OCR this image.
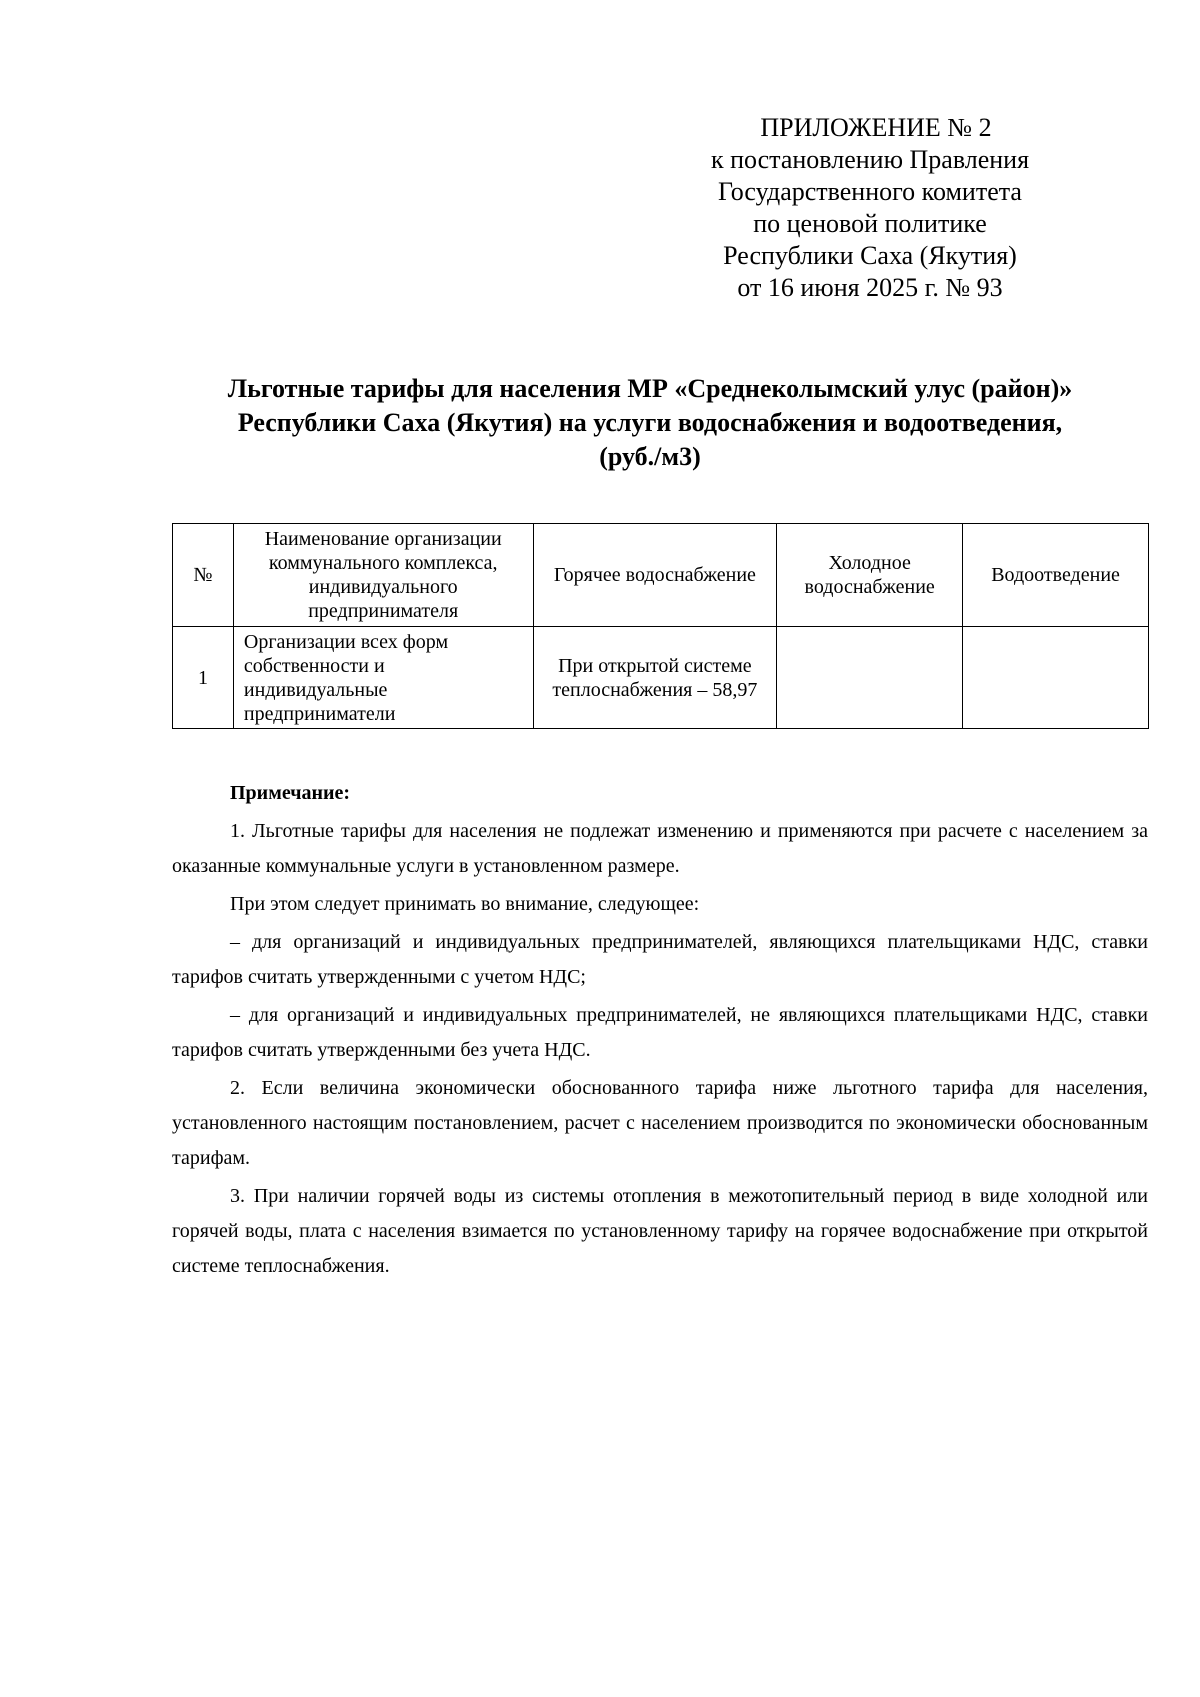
ПРИЛОЖЕНИЕ № 2
к постановлению Правления
Государственного комитета
по ценовой политике
Республики Саха (Якутия)
от 16 июня 2025 г. № 93
Льготные тарифы для населения МР «Среднеколымский улус (район)»
Республики Саха (Якутия) на услуги водоснабжения и водоотведения,
(руб./м3)
№	Наименование организации коммунального комплекса, индивидуального предпринимателя	Горячее водоснабжение	Холодное водоснабжение	Водоотведение
1	Организации всех форм собственности и индивидуальные предприниматели	При открытой системе теплоснабжения – 58,97		

Примечание:

1. Льготные тарифы для населения не подлежат изменению и применяются при расчете с населением за оказанные коммунальные услуги в установленном размере.

При этом следует принимать во внимание, следующее:

– для организаций и индивидуальных предпринимателей, являющихся плательщиками НДС, ставки тарифов считать утвержденными с учетом НДС;

– для организаций и индивидуальных предпринимателей, не являющихся плательщиками НДС, ставки тарифов считать утвержденными без учета НДС.

2. Если величина экономически обоснованного тарифа ниже льготного тарифа для населения, установленного настоящим постановлением, расчет с населением производится по экономически обоснованным тарифам.

3. При наличии горячей воды из системы отопления в межотопительный период в виде холодной или горячей воды, плата с населения взимается по установленному тарифу на горячее водоснабжение при открытой системе теплоснабжения.
